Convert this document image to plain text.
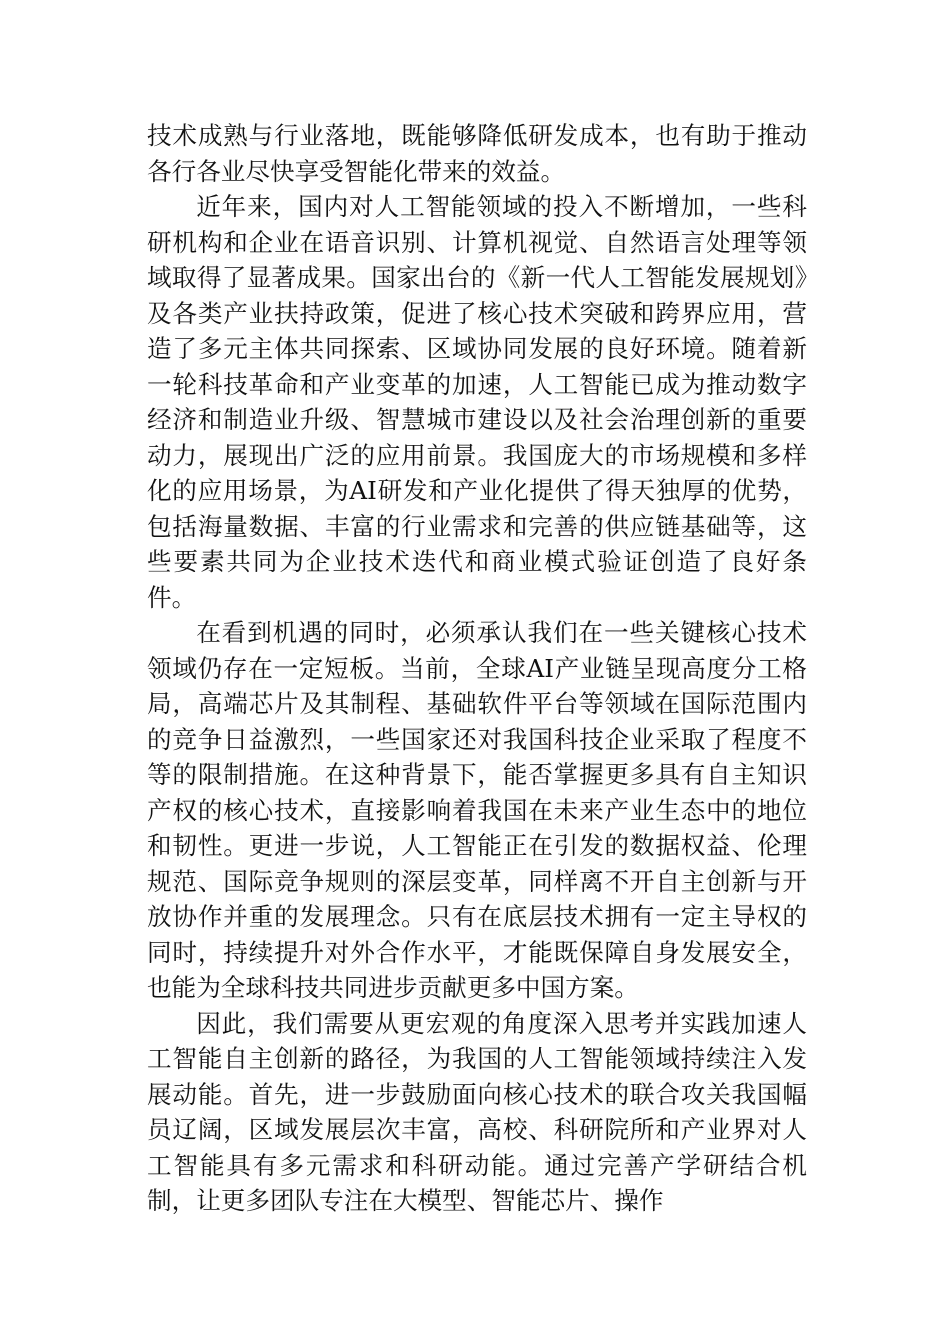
技术成熟与行业落地，既能够降低研发成本，也有助于推动各行各业尽快享受智能化带来的效益。

近年来，国内对人工智能领域的投入不断增加，一些科研机构和企业在语音识别、计算机视觉、自然语言处理等领域取得了显著成果。国家出台的《新一代人工智能发展规划》及各类产业扶持政策，促进了核心技术突破和跨界应用，营造了多元主体共同探索、区域协同发展的良好环境。随着新一轮科技革命和产业变革的加速，人工智能已成为推动数字经济和制造业升级、智慧城市建设以及社会治理创新的重要动力，展现出广泛的应用前景。我国庞大的市场规模和多样化的应用场景，为AI研发和产业化提供了得天独厚的优势，包括海量数据、丰富的行业需求和完善的供应链基础等，这些要素共同为企业技术迭代和商业模式验证创造了良好条件。

在看到机遇的同时，必须承认我们在一些关键核心技术领域仍存在一定短板。当前，全球AI产业链呈现高度分工格局，高端芯片及其制程、基础软件平台等领域在国际范围内的竞争日益激烈，一些国家还对我国科技企业采取了程度不等的限制措施。在这种背景下，能否掌握更多具有自主知识产权的核心技术，直接影响着我国在未来产业生态中的地位和韧性。更进一步说，人工智能正在引发的数据权益、伦理规范、国际竞争规则的深层变革，同样离不开自主创新与开放协作并重的发展理念。只有在底层技术拥有一定主导权的同时，持续提升对外合作水平，才能既保障自身发展安全，也能为全球科技共同进步贡献更多中国方案。

因此，我们需要从更宏观的角度深入思考并实践加速人工智能自主创新的路径，为我国的人工智能领域持续注入发展动能。首先，进一步鼓励面向核心技术的联合攻关我国幅员辽阔，区域发展层次丰富，高校、科研院所和产业界对人工智能具有多元需求和科研动能。通过完善产学研结合机制，让更多团队专注在大模型、智能芯片、操作
